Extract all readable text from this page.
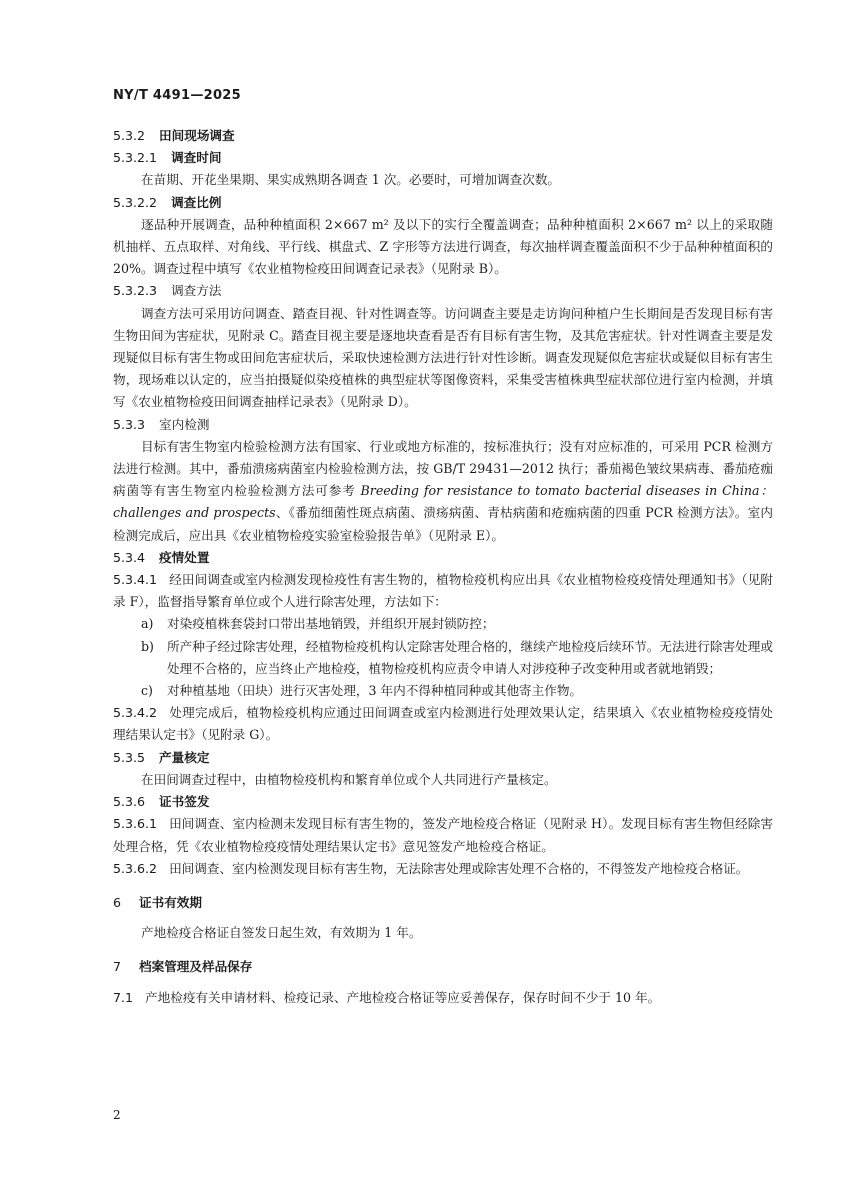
NY/T 4491—2025
5.3.2 田间现场调查
5.3.2.1 调查时间
在苗期、开花坐果期、果实成熟期各调查 1 次。必要时，可增加调查次数。
5.3.2.2 调查比例
逐品种开展调查，品种种植面积 2×667 m² 及以下的实行全覆盖调查；品种种植面积 2×667 m² 以上的采取随机抽样、五点取样、对角线、平行线、棋盘式、Z 字形等方法进行调查，每次抽样调查覆盖面积不少于品种种植面积的 20%。调查过程中填写《农业植物检疫田间调查记录表》（见附录 B）。
5.3.2.3 调查方法
调查方法可采用访问调查、踏查目视、针对性调查等。访问调查主要是走访询问种植户生长期间是否发现目标有害生物田间为害症状，见附录 C。踏查目视主要是逐地块查看是否有目标有害生物，及其危害症状。针对性调查主要是发现疑似目标有害生物或田间危害症状后，采取快速检测方法进行针对性诊断。调查发现疑似危害症状或疑似目标有害生物，现场难以认定的，应当拍摄疑似染疫植株的典型症状等图像资料，采集受害植株典型症状部位进行室内检测，并填写《农业植物检疫田间调查抽样记录表》（见附录 D）。
5.3.3 室内检测
目标有害生物室内检验检测方法有国家、行业或地方标准的，按标准执行；没有对应标准的，可采用 PCR 检测方法进行检测。其中，番茄溃疡病菌室内检验检测方法，按 GB/T 29431—2012 执行；番茄褐色皱纹果病毒、番茄疮痂病菌等有害生物室内检验检测方法可参考 Breeding for resistance to tomato bacterial diseases in China：challenges and prospects、《番茄细菌性斑点病菌、溃疡病菌、青枯病菌和疮痂病菌的四重 PCR 检测方法》。室内检测完成后，应出具《农业植物检疫实验室检验报告单》（见附录 E）。
5.3.4 疫情处置
5.3.4.1 经田间调查或室内检测发现检疫性有害生物的，植物检疫机构应出具《农业植物检疫疫情处理通知书》（见附录 F），监督指导繁育单位或个人进行除害处理，方法如下：
a)	对染疫植株套袋封口带出基地销毁，并组织开展封锁防控；
b)	所产种子经过除害处理，经植物检疫机构认定除害处理合格的，继续产地检疫后续环节。无法进行除害处理或处理不合格的，应当终止产地检疫，植物检疫机构应责令申请人对涉疫种子改变种用或者就地销毁；
c)	对种植基地（田块）进行灭害处理，3 年内不得种植同种或其他寄主作物。
5.3.4.2 处理完成后，植物检疫机构应通过田间调查或室内检测进行处理效果认定，结果填入《农业植物检疫疫情处理结果认定书》（见附录 G）。
5.3.5 产量核定
在田间调查过程中，由植物检疫机构和繁育单位或个人共同进行产量核定。
5.3.6 证书签发
5.3.6.1 田间调查、室内检测未发现目标有害生物的，签发产地检疫合格证（见附录 H）。发现目标有害生物但经除害处理合格，凭《农业植物检疫疫情处理结果认定书》意见签发产地检疫合格证。
5.3.6.2 田间调查、室内检测发现目标有害生物，无法除害处理或除害处理不合格的，不得签发产地检疫合格证。
6 证书有效期
产地检疫合格证自签发日起生效，有效期为 1 年。
7 档案管理及样品保存
7.1 产地检疫有关申请材料、检疫记录、产地检疫合格证等应妥善保存，保存时间不少于 10 年。
2
